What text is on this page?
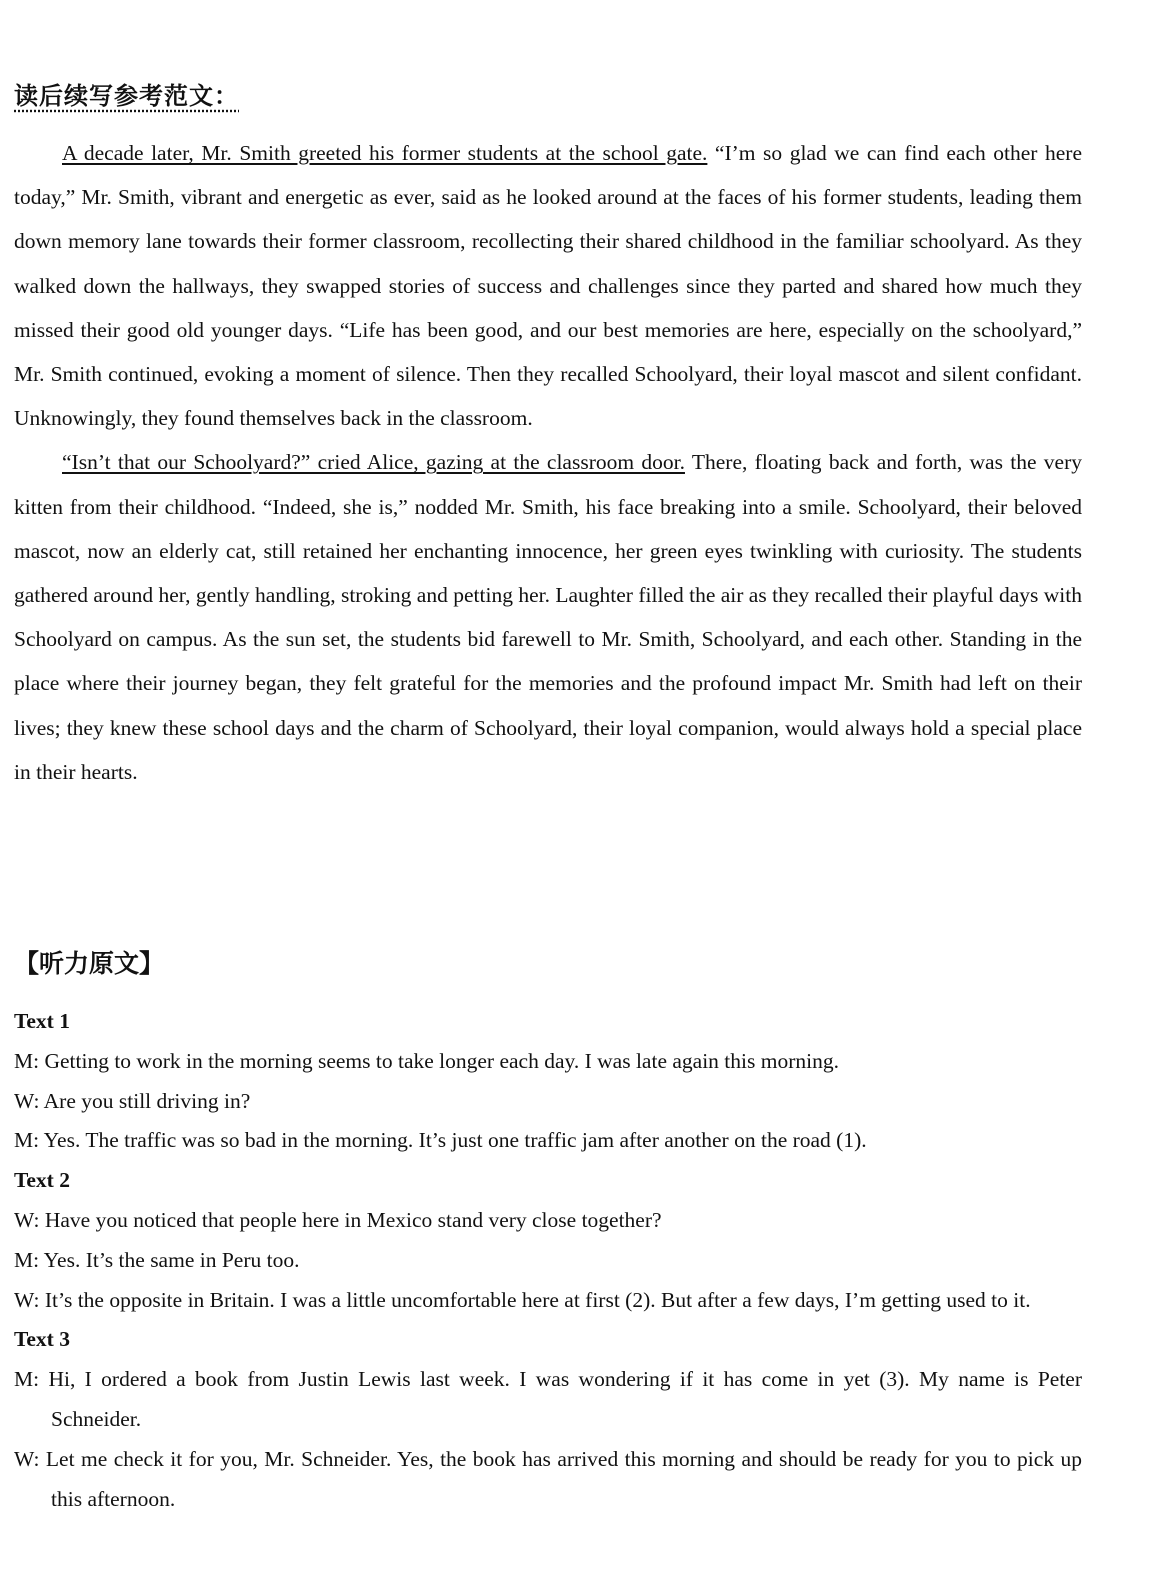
读后续写参考范文：

A decade later, Mr. Smith greeted his former students at the school gate. “I’m so glad we can find each other here today,” Mr. Smith, vibrant and energetic as ever, said as he looked around at the faces of his former students, leading them down memory lane towards their former classroom, recollecting their shared childhood in the familiar schoolyard. As they walked down the hallways, they swapped stories of success and challenges since they parted and shared how much they missed their good old younger days. “Life has been good, and our best memories are here, especially on the schoolyard,” Mr. Smith continued, evoking a moment of silence. Then they recalled Schoolyard, their loyal mascot and silent confidant. Unknowingly, they found themselves back in the classroom.

“Isn’t that our Schoolyard?” cried Alice, gazing at the classroom door. There, floating back and forth, was the very kitten from their childhood. “Indeed, she is,” nodded Mr. Smith, his face breaking into a smile. Schoolyard, their beloved mascot, now an elderly cat, still retained her enchanting innocence, her green eyes twinkling with curiosity. The students gathered around her, gently handling, stroking and petting her. Laughter filled the air as they recalled their playful days with Schoolyard on campus. As the sun set, the students bid farewell to Mr. Smith, Schoolyard, and each other. Standing in the place where their journey began, they felt grateful for the memories and the profound impact Mr. Smith had left on their lives; they knew these school days and the charm of Schoolyard, their loyal companion, would always hold a special place in their hearts.

【听力原文】
Text 1
M: Getting to work in the morning seems to take longer each day. I was late again this morning.
W: Are you still driving in?
M: Yes. The traffic was so bad in the morning. It’s just one traffic jam after another on the road (1).
Text 2
W: Have you noticed that people here in Mexico stand very close together?
M: Yes. It’s the same in Peru too.
W: It’s the opposite in Britain. I was a little uncomfortable here at first (2). But after a few days, I’m getting used to it.
Text 3
M: Hi, I ordered a book from Justin Lewis last week. I was wondering if it has come in yet (3). My name is Peter Schneider.
W: Let me check it for you, Mr. Schneider. Yes, the book has arrived this morning and should be ready for you to pick up this afternoon.
